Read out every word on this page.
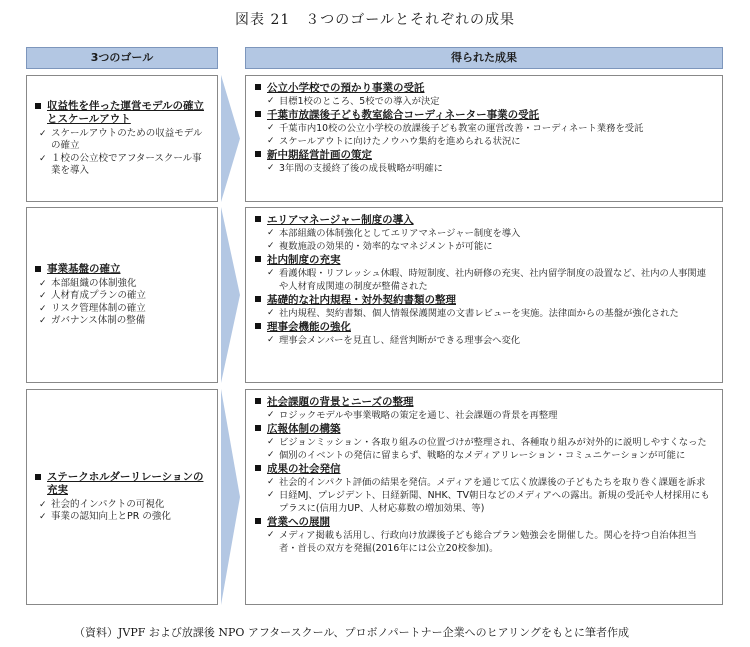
図表 21　３つのゴールとそれぞれの成果
3つのゴール	得られた成果
収益性を伴った運営モデルの確立とスケールアウト
✓ スケールアウトのための収益モデルの確立
✓ １校の公立校でアフタースクール事業を導入
公立小学校での預かり事業の受託
✓ 目標1校のところ、5校での導入が決定
千葉市放課後子ども教室総合コーディネーター事業の受託
✓ 千葉市内10校の公立小学校の放課後子ども教室の運営改善・コーディネート業務を受託
✓ スケールアウトに向けたノウハウ集約を進められる状況に
新中期経営計画の策定
✓ 3年間の支援終了後の成長戦略が明確に
事業基盤の確立
✓ 本部組織の体制強化
✓ 人材育成プランの確立
✓ リスク管理体制の確立
✓ ガバナンス体制の整備
エリアマネージャー制度の導入
✓ 本部組織の体制強化としてエリアマネージャー制度を導入
✓ 複数施設の効果的・効率的なマネジメントが可能に
社内制度の充実
✓ 看護休暇・リフレッシュ休暇、時短制度、社内研修の充実、社内留学制度の設置など、社内の人事関連や人材育成関連の制度が整備された
基礎的な社内規程・対外契約書類の整理
✓ 社内規程、契約書類、個人情報保護関連の文書レビューを実施。法律面からの基盤が強化された
理事会機能の強化
✓ 理事会メンバーを見直し、経営判断ができる理事会へ変化
ステークホルダーリレーションの充実
✓ 社会的インパクトの可視化
✓ 事業の認知向上とPR の強化
社会課題の背景とニーズの整理
✓ ロジックモデルや事業戦略の策定を通じ、社会課題の背景を再整理
広報体制の構築
✓ ビジョンミッション・各取り組みの位置づけが整理され、各種取り組みが対外的に説明しやすくなった
✓ 個別のイベントの発信に留まらず、戦略的なメディアリレーション・コミュニケーションが可能に
成果の社会発信
✓ 社会的インパクト評価の結果を発信。メディアを通じて広く放課後の子どもたちを取り巻く課題を訴求
✓ 日経MJ、プレジデント、日経新聞、NHK、TV朝日などのメディアへの露出。新規の受託や人材採用にもプラスに(信用力UP、人材応募数の増加効果、等)
営業への展開
✓ メディア掲載も活用し、行政向け放課後子ども総合プラン勉強会を開催した。関心を持つ自治体担当者・首長の双方を発掘(2016年には公立20校参加)。
（資料）JVPF および放課後 NPO アフタースクール、プロボノパートナー企業へのヒアリングをもとに筆者作成
